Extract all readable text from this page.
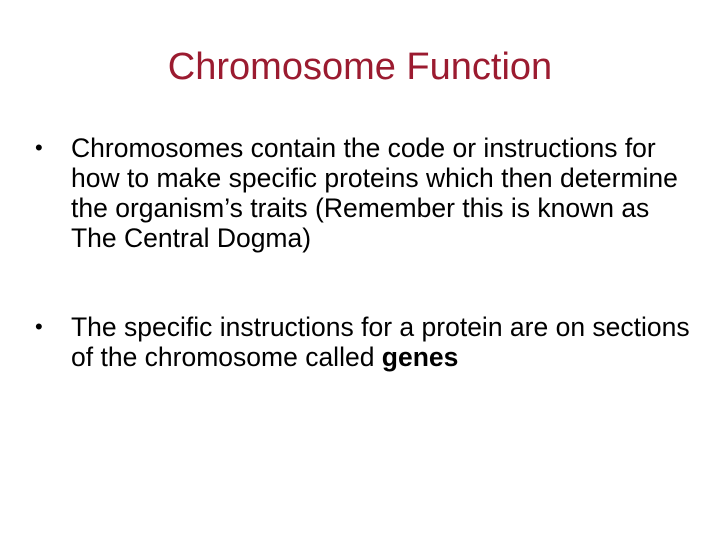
Chromosome Function
• Chromosomes contain the code or instructions for how to make specific proteins which then determine the organism’s traits (Remember this is known as The Central Dogma)
• The specific instructions for a protein are on sections of the chromosome called genes
